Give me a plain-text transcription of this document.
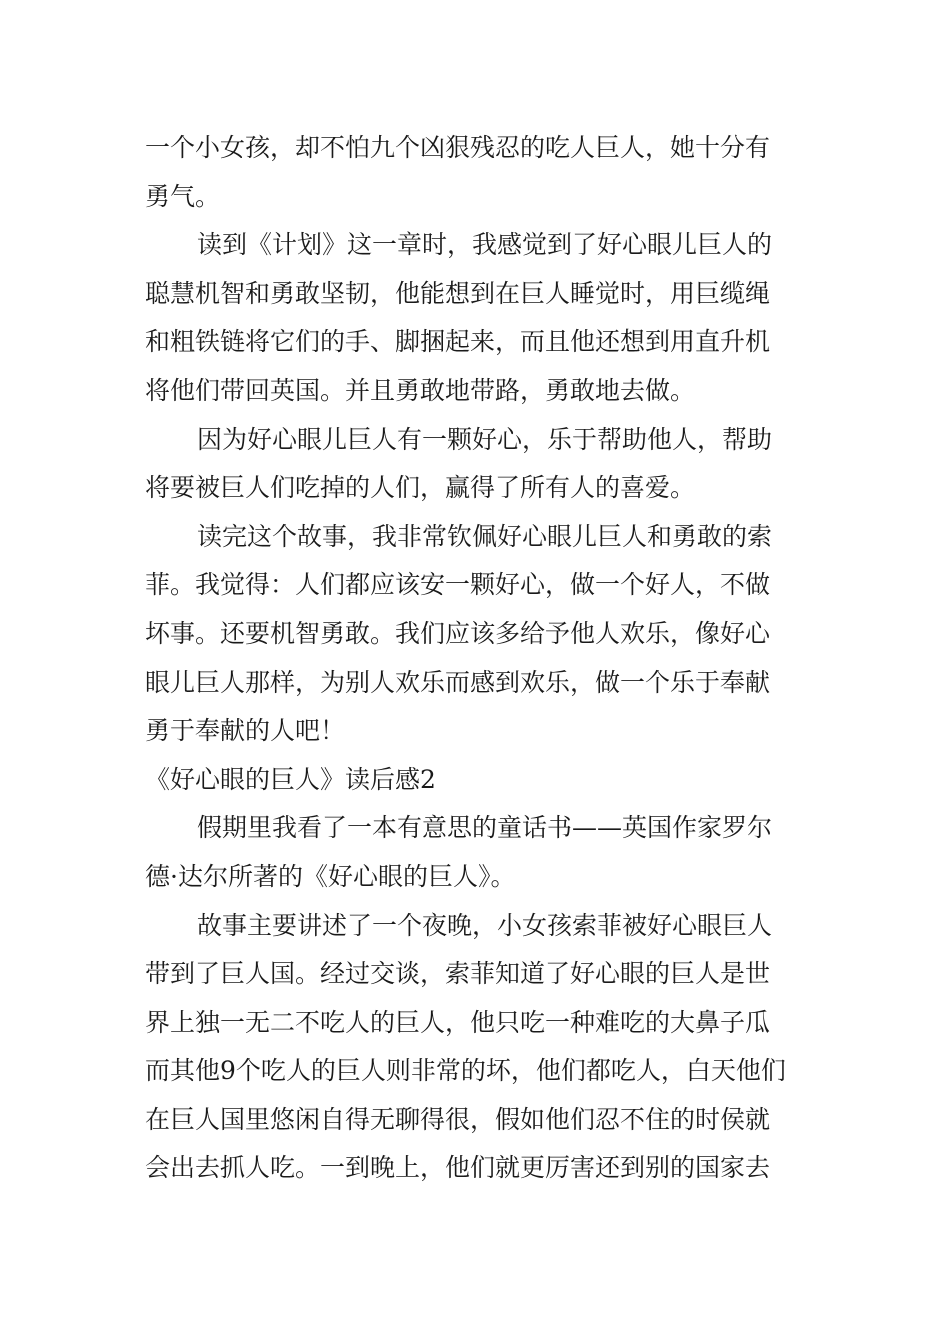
一个小女孩，却不怕九个凶狠残忍的吃人巨人，她十分有
勇气。
读到《计划》这一章时，我感觉到了好心眼儿巨人的
聪慧机智和勇敢坚韧，他能想到在巨人睡觉时，用巨缆绳
和粗铁链将它们的手、脚捆起来，而且他还想到用直升机
将他们带回英国。并且勇敢地带路，勇敢地去做。
因为好心眼儿巨人有一颗好心，乐于帮助他人，帮助
将要被巨人们吃掉的人们，赢得了所有人的喜爱。
读完这个故事，我非常钦佩好心眼儿巨人和勇敢的索
菲。我觉得：人们都应该安一颗好心，做一个好人，不做
坏事。还要机智勇敢。我们应该多给予他人欢乐，像好心
眼儿巨人那样，为别人欢乐而感到欢乐，做一个乐于奉献
勇于奉献的人吧！
《好心眼的巨人》读后感2
假期里我看了一本有意思的童话书——英国作家罗尔
德·达尔所著的《好心眼的巨人》。
故事主要讲述了一个夜晚，小女孩索菲被好心眼巨人
带到了巨人国。经过交谈，索菲知道了好心眼的巨人是世
界上独一无二不吃人的巨人，他只吃一种难吃的大鼻子瓜
而其他9个吃人的巨人则非常的坏，他们都吃人，白天他们
在巨人国里悠闲自得无聊得很，假如他们忍不住的时侯就
会出去抓人吃。一到晚上，他们就更厉害还到别的国家去
